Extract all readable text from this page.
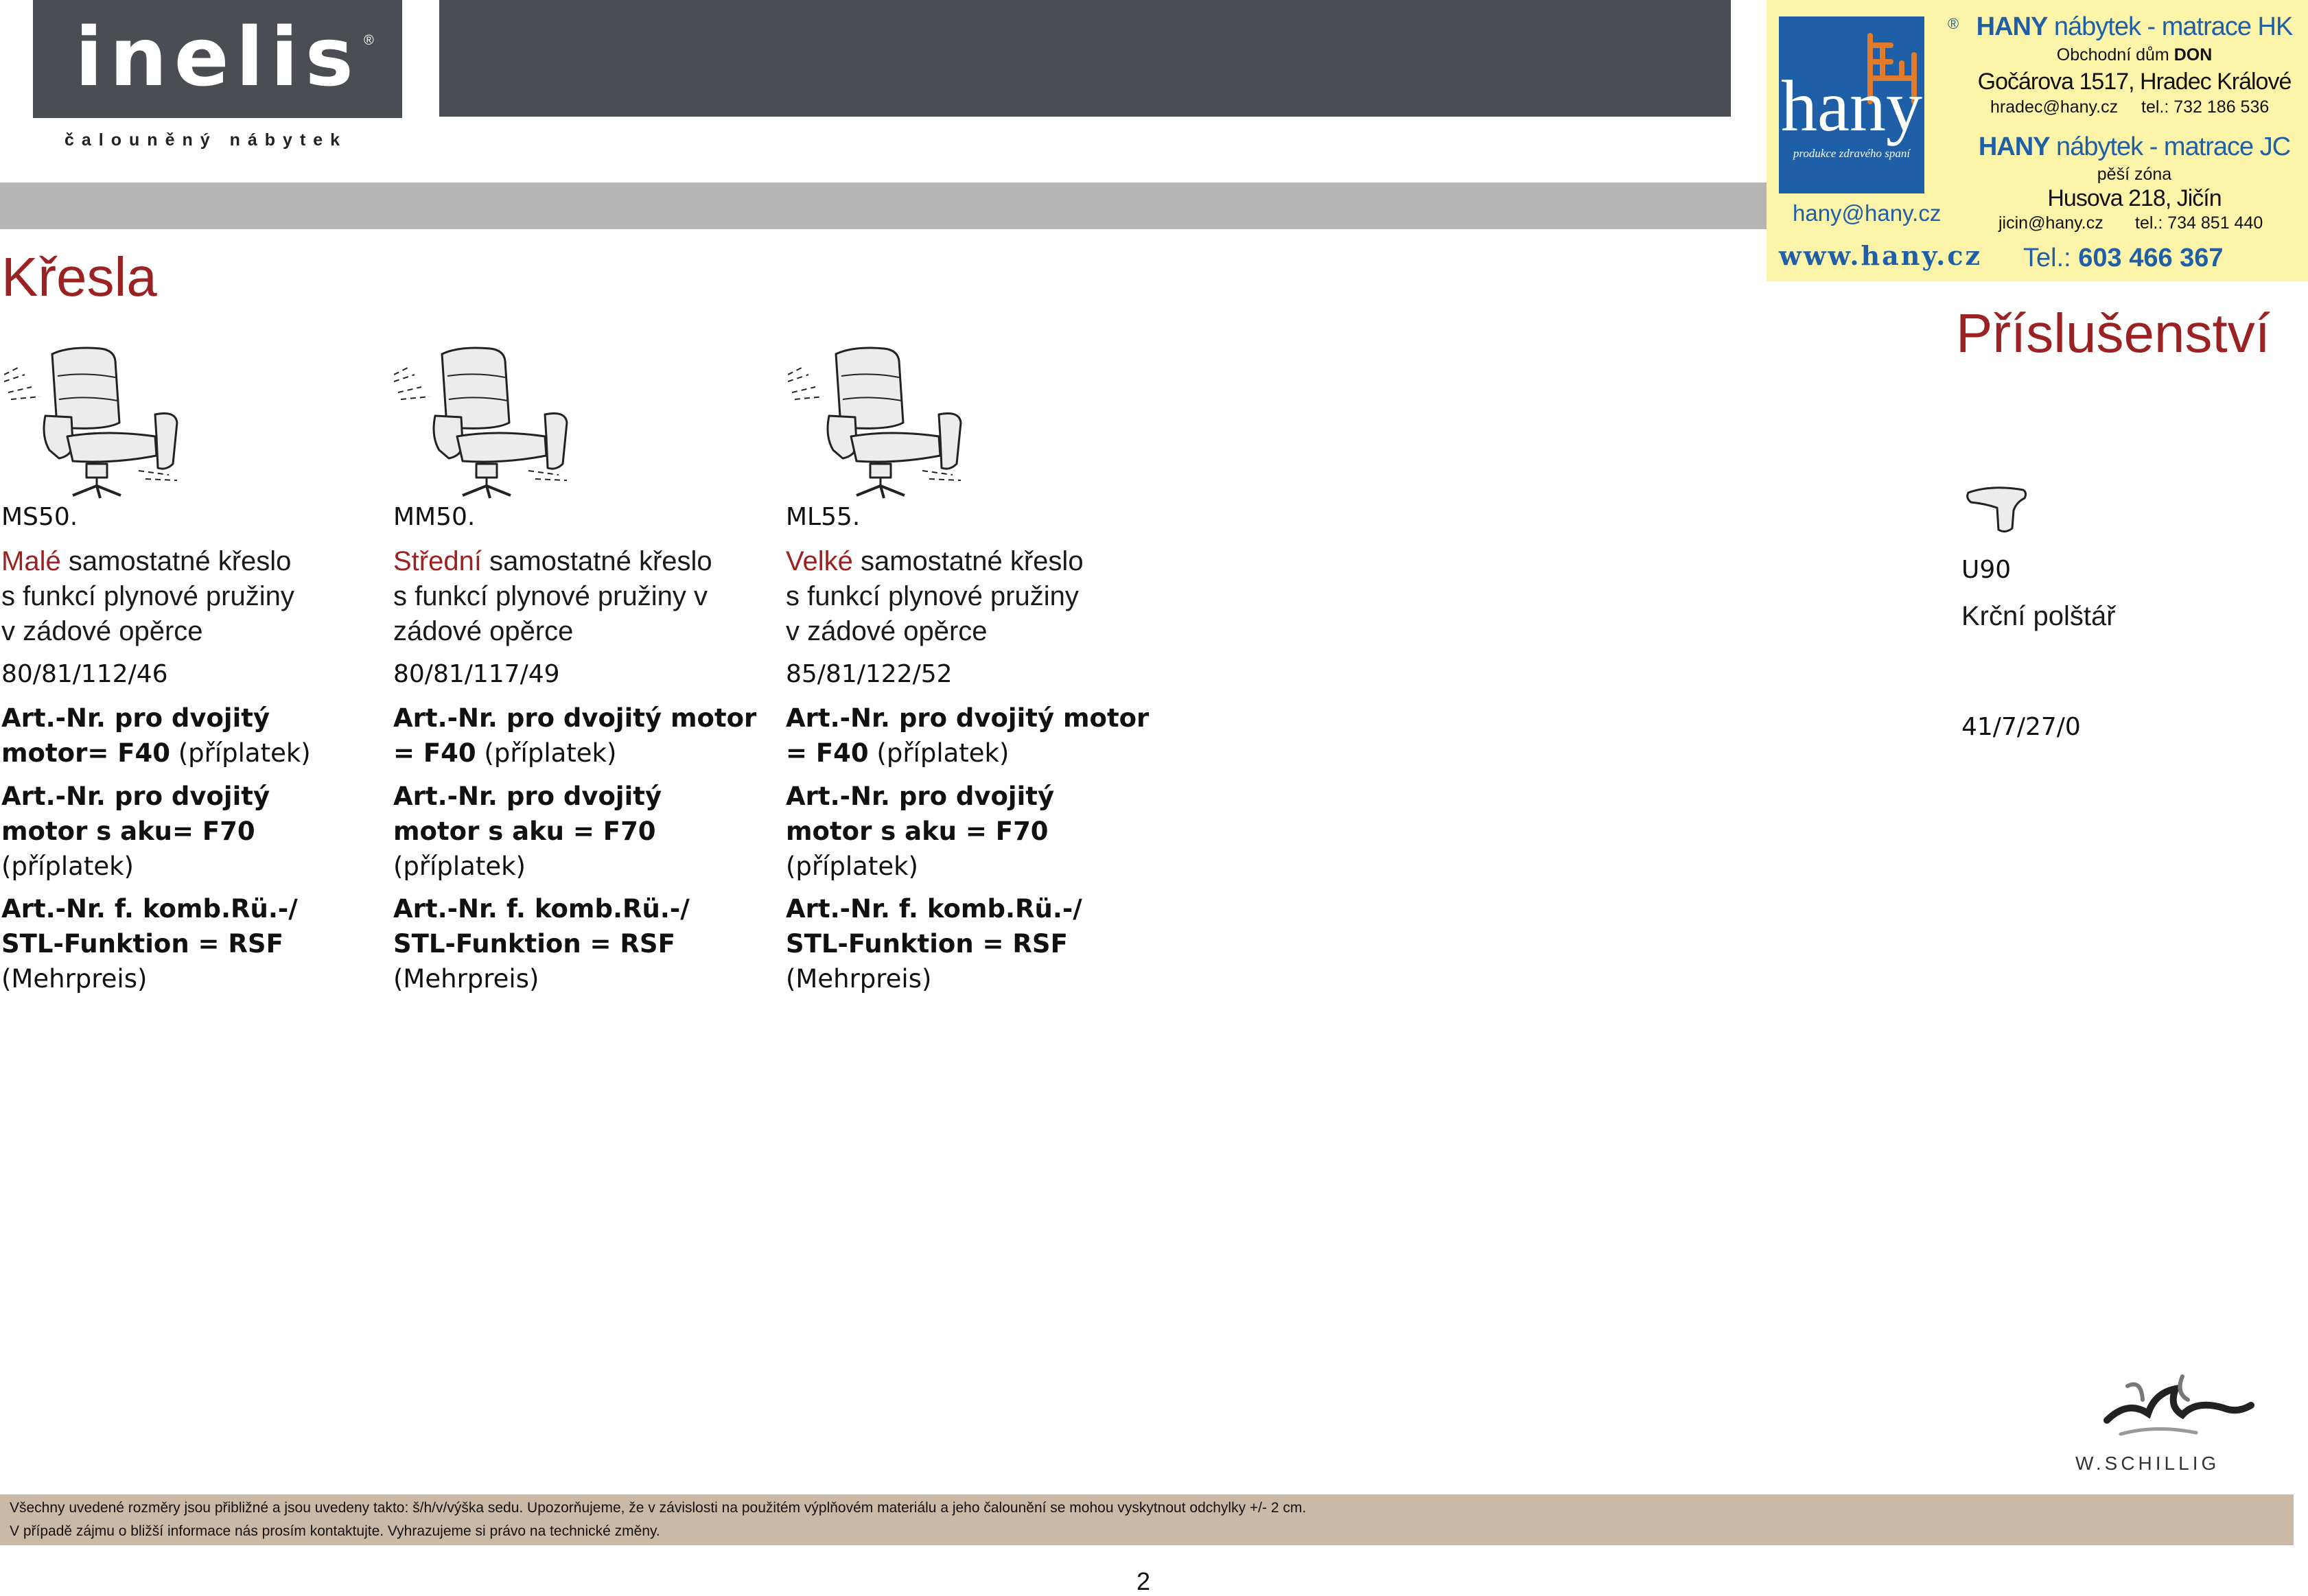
inelis ®
čalouněný nábytek	hany
produkce zdravého spaní
® HANY nábytek - matrace HK
Obchodní dům DON
Gočárova 1517, Hradec Králové
hradec@hany.cz tel.: 732 186 536
HANY nábytek - matrace JC
pěší zóna
Husova 218, Jičín
jicin@hany.cz tel.: 734 851 440
hany@hany.cz
www.hany.cz Tel.: 603 466 367
Křesla
Příslušenství
MS50.
Malé samostatné křeslo
s funkcí plynové pružiny
v zádové opěrce
80/81/112/46
Art.-Nr. pro dvojitý
motor= F40 (příplatek)
Art.-Nr. pro dvojitý
motor s aku= F70
(příplatek)
Art.-Nr. f. komb.Rü.-/
STL-Funktion = RSF
(Mehrpreis)
MM50.
Střední samostatné křeslo
s funkcí plynové pružiny v
zádové opěrce
80/81/117/49
Art.-Nr. pro dvojitý motor
= F40 (příplatek)
Art.-Nr. pro dvojitý
motor s aku = F70
(příplatek)
Art.-Nr. f. komb.Rü.-/
STL-Funktion = RSF
(Mehrpreis)
ML55.
Velké samostatné křeslo
s funkcí plynové pružiny
v zádové opěrce
85/81/122/52
Art.-Nr. pro dvojitý motor
= F40 (příplatek)
Art.-Nr. pro dvojitý
motor s aku = F70
(příplatek)
Art.-Nr. f. komb.Rü.-/
STL-Funktion = RSF
(Mehrpreis)
U90
Krční polštář
41/7/27/0
W.SCHILLIG
Všechny uvedené rozměry jsou přibližné a jsou uvedeny takto: š/h/v/výška sedu. Upozorňujeme, že v závislosti na použitém výplňovém materiálu a jeho čalounění se mohou vyskytnout odchylky +/- 2 cm.
V případě zájmu o bližší informace nás prosím kontaktujte. Vyhrazujeme si právo na technické změny.
2
